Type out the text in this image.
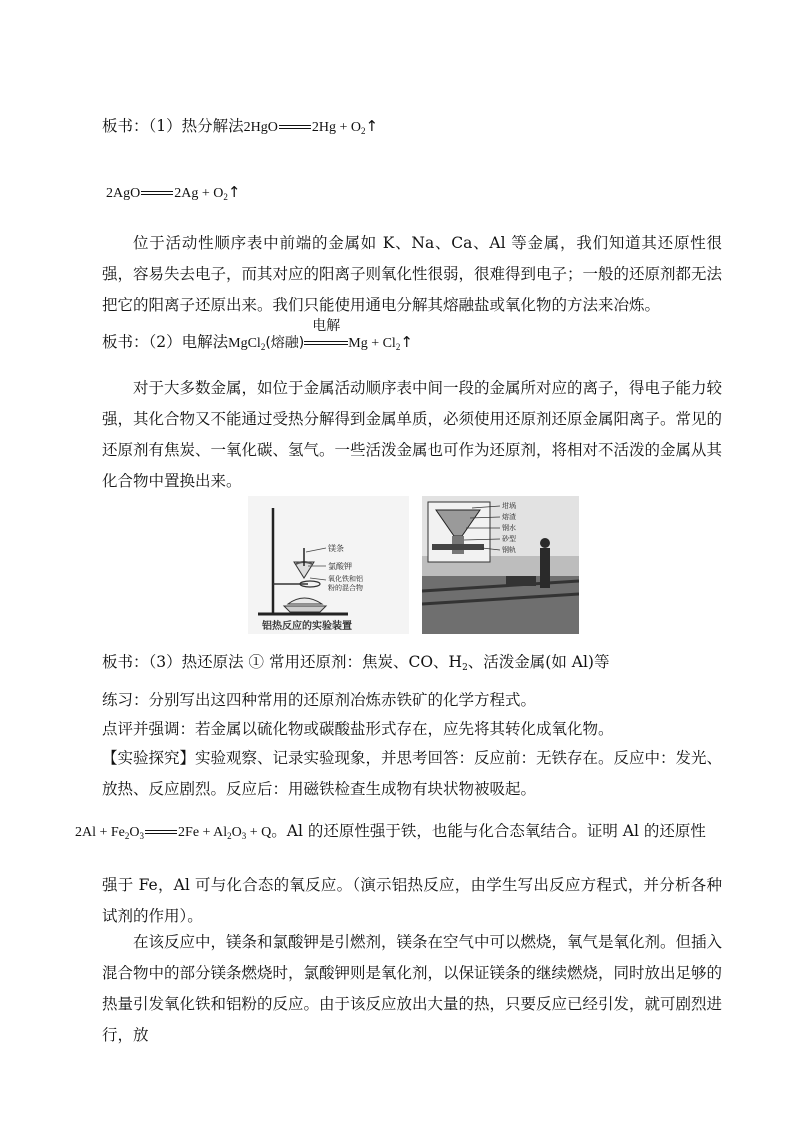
板书：（1）热分解法2HgO $2Hg + O_2↑$
2AgO $2Ag + O_2↑$
位于活动性顺序表中前端的金属如 K、Na、Ca、Al 等金属，我们知道其还原性很强，容易失去电子，而其对应的阳离子则氧化性很弱，很难得到电子；一般的还原剂都无法把它的阳离子还原出来。我们只能使用通电分解其熔融盐或氧化物的方法来冶炼。
板书：（2）电解法MgCl$_2$(熔融)
电解
$Mg + Cl_2↑$
对于大多数金属，如位于金属活动顺序表中间一段的金属所对应的离子，得电子能力较强，其化合物又不能通过受热分解得到金属单质，必须使用还原剂还原金属阳离子。常见的还原剂有焦炭、一氧化碳、氢气。一些活泼金属也可作为还原剂，将相对不活泼的金属从其化合物中置换出来。
镁条
氯酸钾
氧化铁和铝
粉的混合物
铝热反应的实验装置
坩埚
熔渣
钢水
砂型
钢轨
板书：（3）热还原法 ① 常用还原剂：焦炭、CO、$H_2$、活泼金属(如 Al)等
练习：分别写出这四种常用的还原剂冶炼赤铁矿的化学方程式。
点评并强调：若金属以硫化物或碳酸盐形式存在，应先将其转化成氧化物。
【实验探究】实验观察、记录实验现象，并思考回答：反应前：无铁存在。反应中：发光、放热、反应剧烈。反应后：用磁铁检查生成物有块状物被吸起。
$2Al + Fe_2O_3$ $2Fe + Al_2O_3 + Q$。Al 的还原性强于铁，也能与化合态氧结合。证明 Al 的还原性
强于 Fe，Al 可与化合态的氧反应。（演示铝热反应，由学生写出反应方程式，并分析各种试剂的作用）。
在该反应中，镁条和氯酸钾是引燃剂，镁条在空气中可以燃烧，氧气是氧化剂。但插入混合物中的部分镁条燃烧时，氯酸钾则是氧化剂，以保证镁条的继续燃烧，同时放出足够的热量引发氧化铁和铝粉的反应。由于该反应放出大量的热，只要反应已经引发，就可剧烈进行，放
